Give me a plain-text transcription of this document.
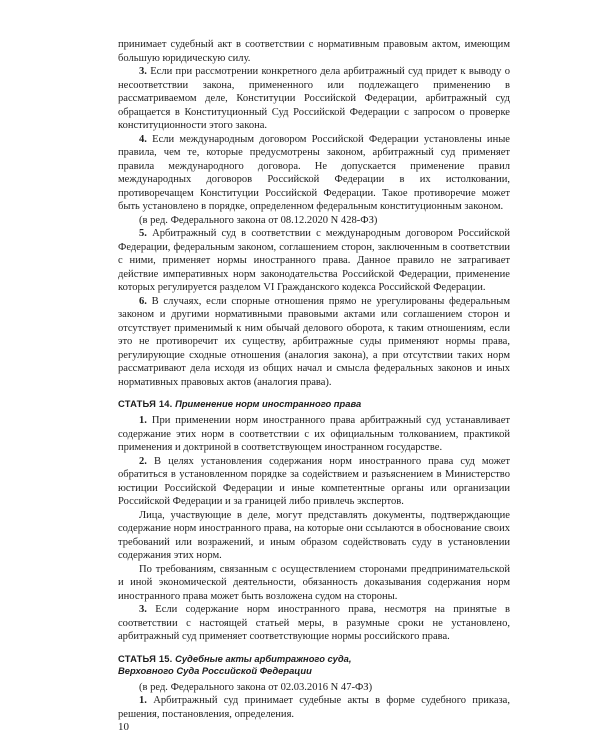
принимает судебный акт в соответствии с нормативным правовым актом, имеющим большую юридическую силу.

3. Если при рассмотрении конкретного дела арбитражный суд придет к выводу о несоответствии закона, примененного или подлежащего применению в рассматриваемом деле, Конституции Российской Федерации, арбитражный суд обращается в Конституционный Суд Российской Федерации с запросом о проверке конституционности этого закона.

4. Если международным договором Российской Федерации установлены иные правила, чем те, которые предусмотрены законом, арбитражный суд применяет правила международного договора. Не допускается применение правил международных договоров Российской Федерации в их истолковании, противоречащем Конституции Российской Федерации. Такое противоречие может быть установлено в порядке, определенном федеральным конституционным законом.

(в ред. Федерального закона от 08.12.2020 N 428-ФЗ)

5. Арбитражный суд в соответствии с международным договором Российской Федерации, федеральным законом, соглашением сторон, заключенным в соответствии с ними, применяет нормы иностранного права. Данное правило не затрагивает действие императивных норм законодательства Российской Федерации, применение которых регулируется разделом VI Гражданского кодекса Российской Федерации.

6. В случаях, если спорные отношения прямо не урегулированы федеральным законом и другими нормативными правовыми актами или соглашением сторон и отсутствует применимый к ним обычай делового оборота, к таким отношениям, если это не противоречит их существу, арбитражные суды применяют нормы права, регулирующие сходные отношения (аналогия закона), а при отсутствии таких норм рассматривают дела исходя из общих начал и смысла федеральных законов и иных нормативных правовых актов (аналогия права).

СТАТЬЯ 14. Применение норм иностранного права

1. При применении норм иностранного права арбитражный суд устанавливает содержание этих норм в соответствии с их официальным толкованием, практикой применения и доктриной в соответствующем иностранном государстве.

2. В целях установления содержания норм иностранного права суд может обратиться в установленном порядке за содействием и разъяснением в Министерство юстиции Российской Федерации и иные компетентные органы или организации Российской Федерации и за границей либо привлечь экспертов.

Лица, участвующие в деле, могут представлять документы, подтверждающие содержание норм иностранного права, на которые они ссылаются в обоснование своих требований или возражений, и иным образом содействовать суду в установлении содержания этих норм.

По требованиям, связанным с осуществлением сторонами предпринимательской и иной экономической деятельности, обязанность доказывания содержания норм иностранного права может быть возложена судом на стороны.

3. Если содержание норм иностранного права, несмотря на принятые в соответствии с настоящей статьей меры, в разумные сроки не установлено, арбитражный суд применяет соответствующие нормы российского права.

СТАТЬЯ 15. Судебные акты арбитражного суда,
Верховного Суда Российской Федерации

(в ред. Федерального закона от 02.03.2016 N 47-ФЗ)

1. Арбитражный суд принимает судебные акты в форме судебного приказа, решения, постановления, определения.

10
